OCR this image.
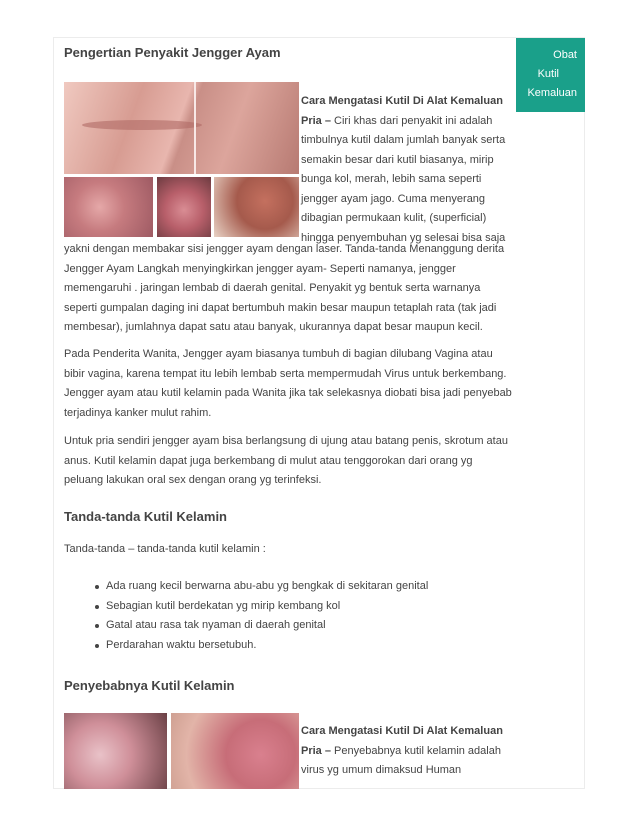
Obat
Kutil
Kemaluan
Pengertian Penyakit Jengger Ayam

Cara Mengatasi Kutil Di Alat Kemaluan Pria – Ciri khas dari penyakit ini adalah timbulnya kutil dalam jumlah banyak serta semakin besar dari kutil biasanya, mirip bunga kol, merah, lebih sama seperti jengger ayam jago. Cuma menyerang dibagian permukaan kulit, (superficial) hingga penyembuhan yg selesai bisa saja

yakni dengan membakar sisi jengger ayam dengan laser. Tanda-tanda Menanggung derita Jengger Ayam Langkah menyingkirkan jengger ayam- Seperti namanya, jengger memengaruhi . jaringan lembab di daerah genital. Penyakit yg bentuk serta warnanya seperti gumpalan daging ini dapat bertumbuh makin besar maupun tetaplah rata (tak jadi membesar), jumlahnya dapat satu atau banyak, ukurannya dapat besar maupun kecil.

Pada Penderita Wanita, Jengger ayam biasanya tumbuh di bagian dilubang Vagina atau bibir vagina, karena tempat itu lebih lembab serta mempermudah Virus untuk berkembang. Jengger ayam atau kutil kelamin pada Wanita jika tak selekasnya diobati bisa jadi penyebab terjadinya kanker mulut rahim.

Untuk pria sendiri jengger ayam bisa berlangsung di ujung atau batang penis, skrotum atau anus. Kutil kelamin dapat juga berkembang di mulut atau tenggorokan dari orang yg peluang lakukan oral sex dengan orang yg terinfeksi.

Tanda-tanda Kutil Kelamin

Tanda-tanda – tanda-tanda kutil kelamin :

Ada ruang kecil berwarna abu-abu yg bengkak di sekitaran genital
Sebagian kutil berdekatan yg mirip kembang kol
Gatal atau rasa tak nyaman di daerah genital
Perdarahan waktu bersetubuh.
Penyebabnya Kutil Kelamin

Cara Mengatasi Kutil Di Alat Kemaluan Pria – Penyebabnya kutil kelamin adalah virus yg umum dimaksud Human
